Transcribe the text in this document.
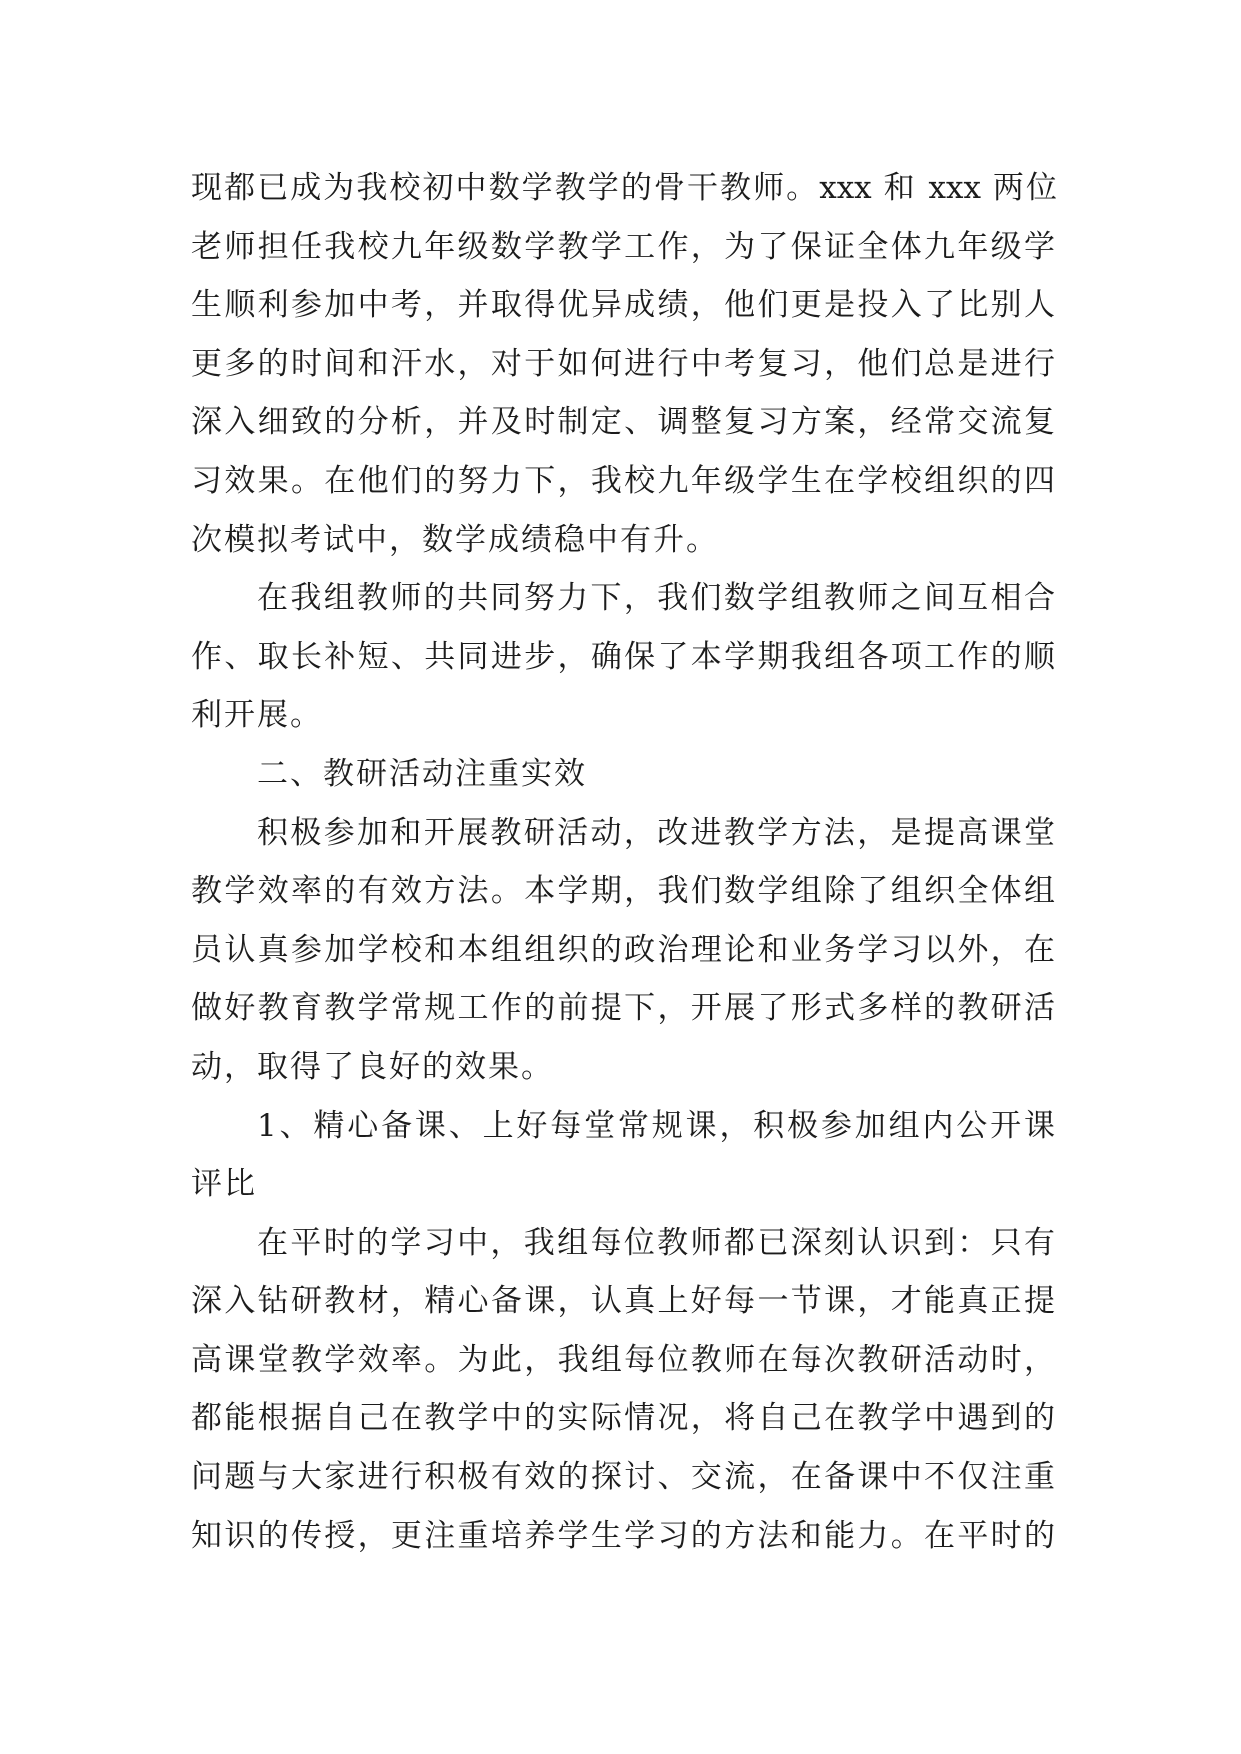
现都已成为我校初中数学教学的骨干教师。xxx 和 xxx 两位
老师担任我校九年级数学教学工作，为了保证全体九年级学
生顺利参加中考，并取得优异成绩，他们更是投入了比别人
更多的时间和汗水，对于如何进行中考复习，他们总是进行
深入细致的分析，并及时制定、调整复习方案，经常交流复
习效果。在他们的努力下，我校九年级学生在学校组织的四
次模拟考试中，数学成绩稳中有升。
在我组教师的共同努力下，我们数学组教师之间互相合
作、取长补短、共同进步，确保了本学期我组各项工作的顺
利开展。
二、教研活动注重实效
积极参加和开展教研活动，改进教学方法，是提高课堂
教学效率的有效方法。本学期，我们数学组除了组织全体组
员认真参加学校和本组组织的政治理论和业务学习以外，在
做好教育教学常规工作的前提下，开展了形式多样的教研活
动，取得了良好的效果。
1、精心备课、上好每堂常规课，积极参加组内公开课
评比
在平时的学习中，我组每位教师都已深刻认识到：只有
深入钻研教材，精心备课，认真上好每一节课，才能真正提
高课堂教学效率。为此，我组每位教师在每次教研活动时，
都能根据自己在教学中的实际情况，将自己在教学中遇到的
问题与大家进行积极有效的探讨、交流，在备课中不仅注重
知识的传授，更注重培养学生学习的方法和能力。在平时的
